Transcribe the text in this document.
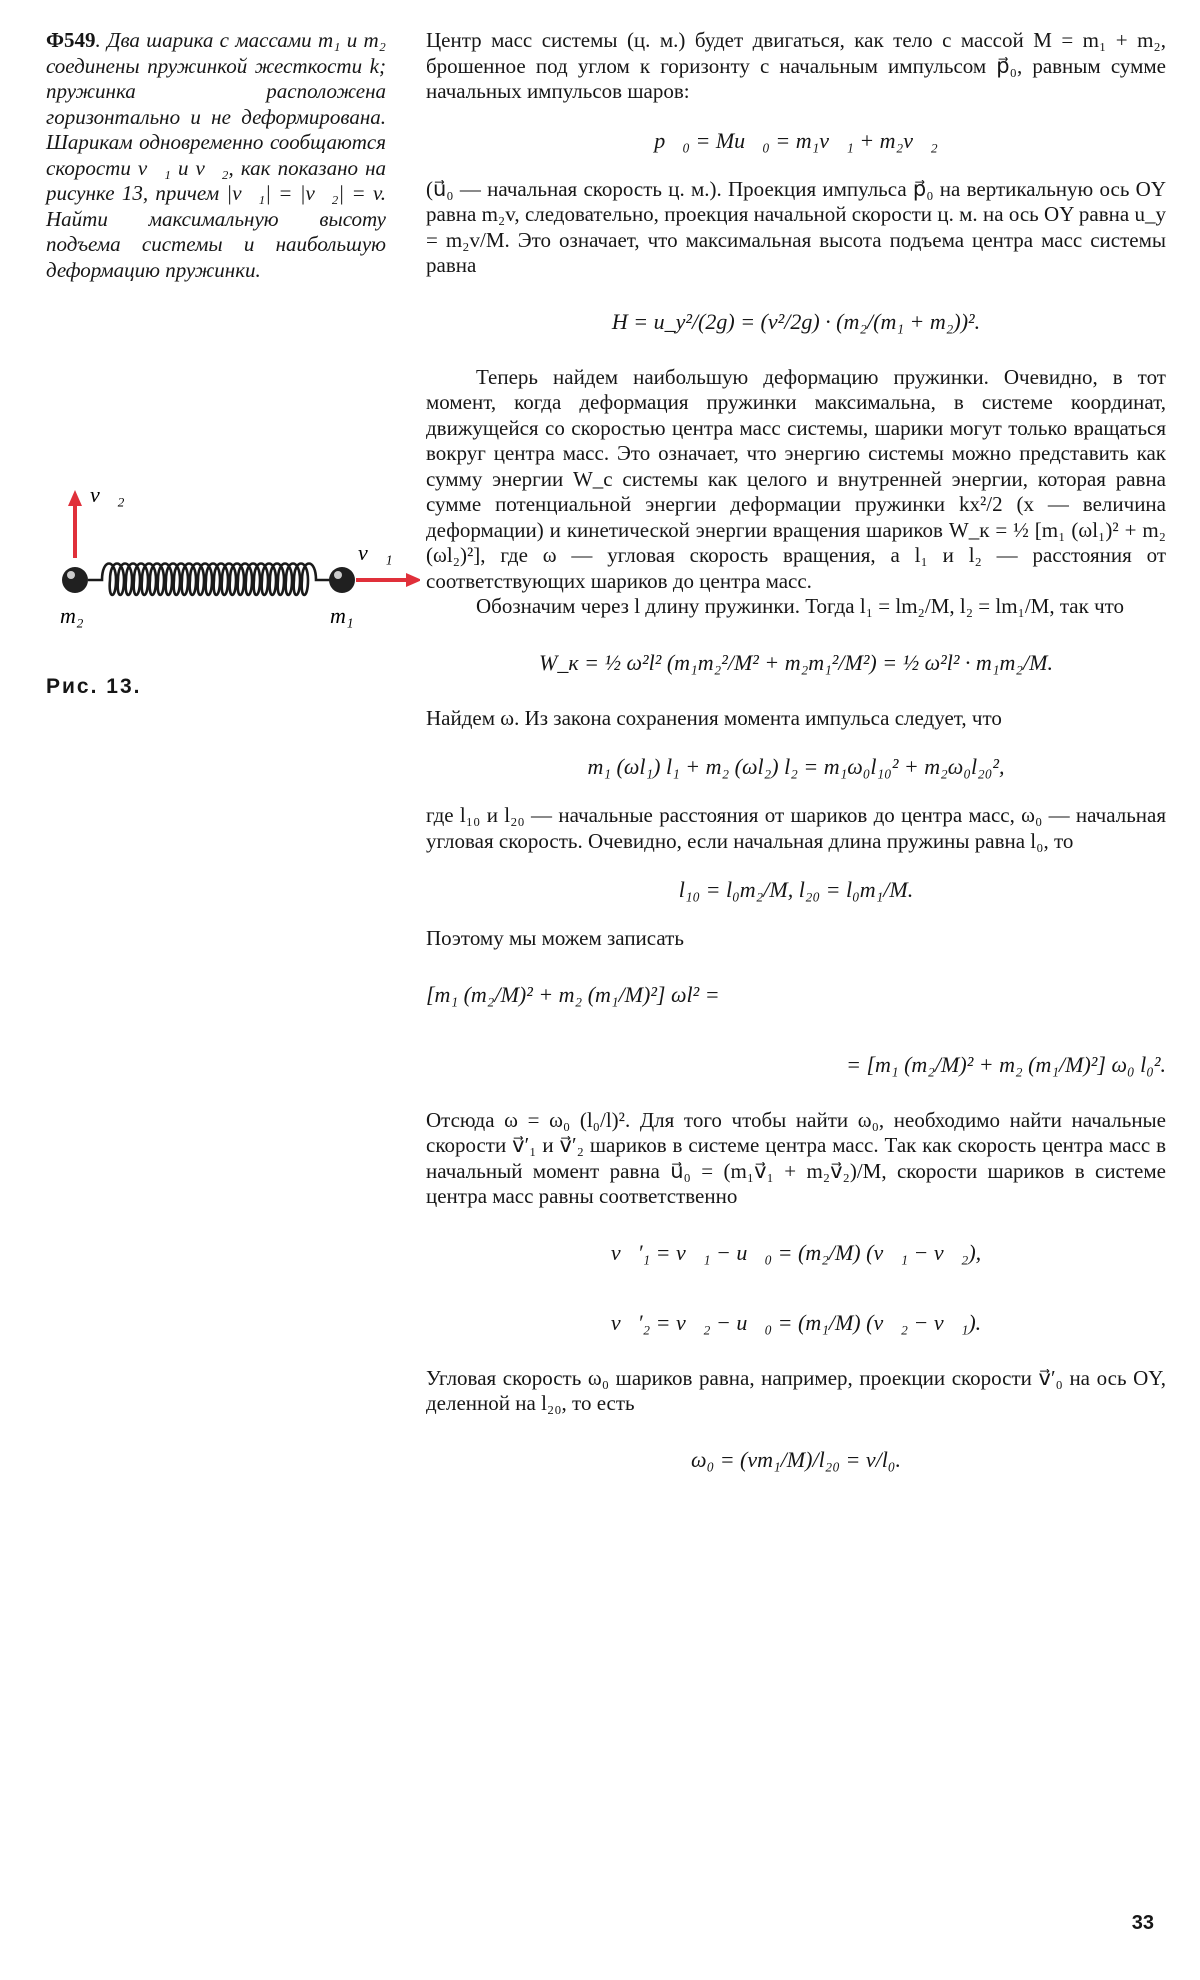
Ф549. Два шарика с массами m₁ и m₂ соединены пружинкой жесткости k; пружинка расположена горизонтально и не деформирована. Шарикам одновременно сообщаются скорости v⃗₁ и v⃗₂, как показано на рисунке 13, причем |v⃗₁| = |v⃗₂| = v. Найти максимальную высоту подъема системы и наибольшую деформацию пружинки.

v⃗₂
v⃗₁
m₂	m₁
Рис. 13.

Центр масс системы (ц. м.) будет двигаться, как тело с массой M = m₁ + m₂, брошенное под углом к горизонту с начальным импульсом p⃗₀, равным сумме начальных импульсов шаров:

p⃗₀ = Mu⃗₀ = m₁v⃗₁ + m₂v⃗₂

(u⃗₀ — начальная скорость ц. м.). Проекция импульса p⃗₀ на вертикальную ось OY равна m₂v, следовательно, проекция начальной скорости ц. м. на ось OY равна u_y = m₂v/M. Это означает, что максимальная высота подъема центра масс системы равна

H = u_y²/(2g) = (v²/2g) · (m₂/(m₁ + m₂))².

Теперь найдем наибольшую деформацию пружинки. Очевидно, в тот момент, когда деформация пружинки максимальна, в системе координат, движущейся со скоростью центра масс системы, шарики могут только вращаться вокруг центра масс. Это означает, что энергию системы можно представить как сумму энергии W_c системы как целого и внутренней энергии, которая равна сумме потенциальной энергии деформации пружинки kx²/2 (x — величина деформации) и кинетической энергии вращения шариков W_к = ½ [m₁ (ωl₁)² + m₂ (ωl₂)²], где ω — угловая скорость вращения, а l₁ и l₂ — расстояния от соответствующих шариков до центра масс.

Обозначим через l длину пружинки. Тогда l₁ = lm₂/M, l₂ = lm₁/M, так что

W_к = ½ ω²l² (m₁m₂²/M² + m₂m₁²/M²) = ½ ω²l² · m₁m₂/M.

Найдем ω. Из закона сохранения момента импульса следует, что

m₁ (ωl₁) l₁ + m₂ (ωl₂) l₂ = m₁ω₀l₁₀² + m₂ω₀l₂₀²,

где l₁₀ и l₂₀ — начальные расстояния от шариков до центра масс, ω₀ — начальная угловая скорость. Очевидно, если начальная длина пружины равна l₀, то

l₁₀ = l₀m₂/M, l₂₀ = l₀m₁/M.

Поэтому мы можем записать

[m₁ (m₂/M)² + m₂ (m₁/M)²] ωl² =
= [m₁ (m₂/M)² + m₂ (m₁/M)²] ω₀ l₀².

Отсюда ω = ω₀ (l₀/l)². Для того чтобы найти ω₀, необходимо найти начальные скорости v⃗′₁ и v⃗′₂ шариков в системе центра масс. Так как скорость центра масс в начальный момент равна u⃗₀ = (m₁v⃗₁ + m₂v⃗₂)/M, скорости шариков в системе центра масс равны соответственно

v⃗′₁ = v⃗₁ − u⃗₀ = (m₂/M) (v⃗₁ − v⃗₂),
v⃗′₂ = v⃗₂ − u⃗₀ = (m₁/M) (v⃗₂ − v⃗₁).

Угловая скорость ω₀ шариков равна, например, проекции скорости v⃗′₀ на ось OY, деленной на l₂₀, то есть

ω₀ = (vm₁/M)/l₂₀ = v/l₀.
33
